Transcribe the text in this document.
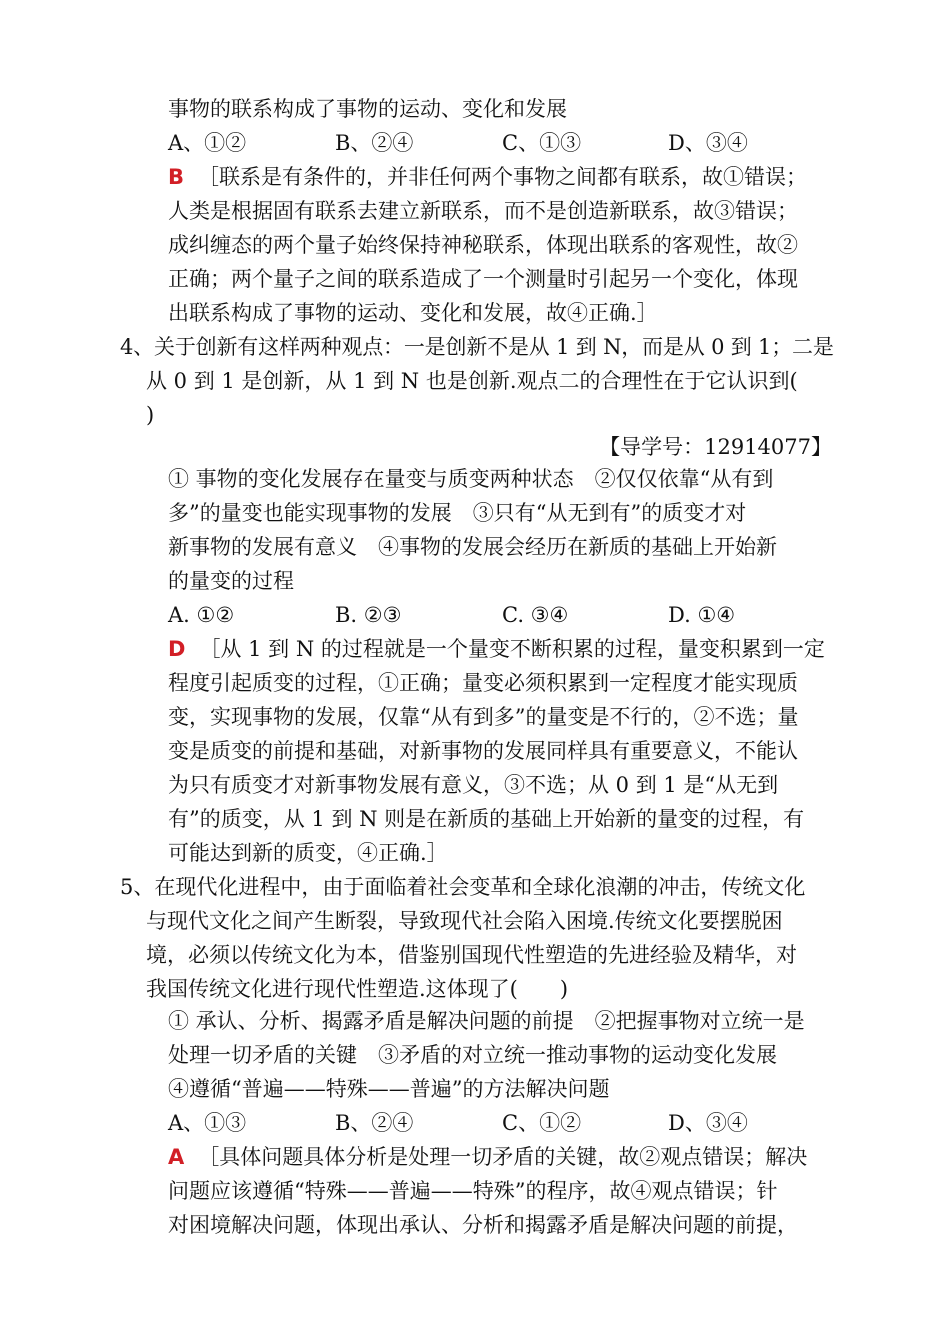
事物的联系构成了事物的运动、变化和发展
A、①②	B、②④	C、①③	D、③④
B ［联系是有条件的，并非任何两个事物之间都有联系，故①错误；
人类是根据固有联系去建立新联系，而不是创造新联系，故③错误；
成纠缠态的两个量子始终保持神秘联系，体现出联系的客观性，故②
正确；两个量子之间的联系造成了一个测量时引起另一个变化，体现
出联系构成了事物的运动、变化和发展，故④正确.］
4、关于创新有这样两种观点：一是创新不是从 1 到 N，而是从 0 到 1；二是
从 0 到 1 是创新，从 1 到 N 也是创新.观点二的合理性在于它认识到(
)
【导学号：12914077】
① 事物的变化发展存在量变与质变两种状态　②仅仅依靠“从有到
多”的量变也能实现事物的发展　③只有“从无到有”的质变才对
新事物的发展有意义　④事物的发展会经历在新质的基础上开始新
的量变的过程
A. ①②	B. ②③	C. ③④	D. ①④
D ［从 1 到 N 的过程就是一个量变不断积累的过程，量变积累到一定
程度引起质变的过程，①正确；量变必须积累到一定程度才能实现质
变，实现事物的发展，仅靠“从有到多”的量变是不行的，②不选；量
变是质变的前提和基础，对新事物的发展同样具有重要意义，不能认
为只有质变才对新事物发展有意义，③不选；从 0 到 1 是“从无到
有”的质变，从 1 到 N 则是在新质的基础上开始新的量变的过程，有
可能达到新的质变，④正确.］
5、在现代化进程中，由于面临着社会变革和全球化浪潮的冲击，传统文化
与现代文化之间产生断裂，导致现代社会陷入困境.传统文化要摆脱困
境，必须以传统文化为本，借鉴别国现代性塑造的先进经验及精华，对
我国传统文化进行现代性塑造.这体现了(　　)
① 承认、分析、揭露矛盾是解决问题的前提　②把握事物对立统一是
处理一切矛盾的关键　③矛盾的对立统一推动事物的运动变化发展
④遵循“普遍——特殊——普遍”的方法解决问题
A、①③	B、②④	C、①②	D、③④
A ［具体问题具体分析是处理一切矛盾的关键，故②观点错误；解决
问题应该遵循“特殊——普遍——特殊”的程序，故④观点错误；针
对困境解决问题，体现出承认、分析和揭露矛盾是解决问题的前提，
